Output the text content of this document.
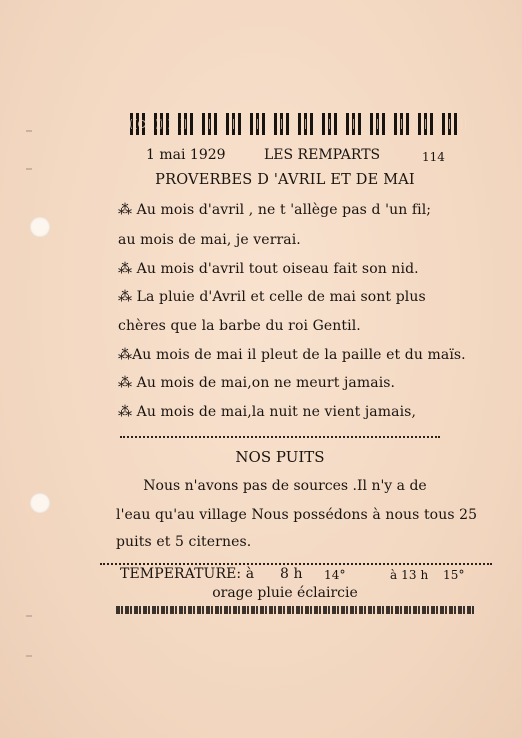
1 mai 1929	LES REMPARTS	114
PROVERBES D 'AVRIL ET DE MAI
⁂ Au mois d'avril , ne t 'allège pas d 'un fil;
au mois de mai, je verrai.
⁂ Au mois d'avril tout oiseau fait son nid.
⁂ La pluie d'Avril et celle de mai sont plus
chères que la barbe du roi Gentil.
⁂Au mois de mai il pleut de la paille et du maïs.
⁂ Au mois de mai,on ne meurt jamais.
⁂ Au mois de mai,la nuit ne vient jamais,
NOS PUITS
Nous n'avons pas de sources .Il n'y a de
l'eau qu'au village Nous possédons à nous tous 25
puits et 5 citernes.
TEMPERATURE: à 8 h 14°	à 13 h 15°
orage pluie éclaircie
